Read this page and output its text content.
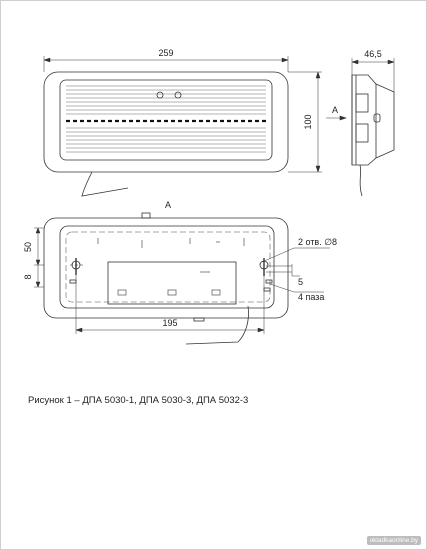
259
100
A
46,5
A
50
8
195
2 отв. ∅8
5
4 паза
Рисунок 1 – ДПА 5030-1, ДПА 5030-3, ДПА 5032-3
okladkaonline.by
